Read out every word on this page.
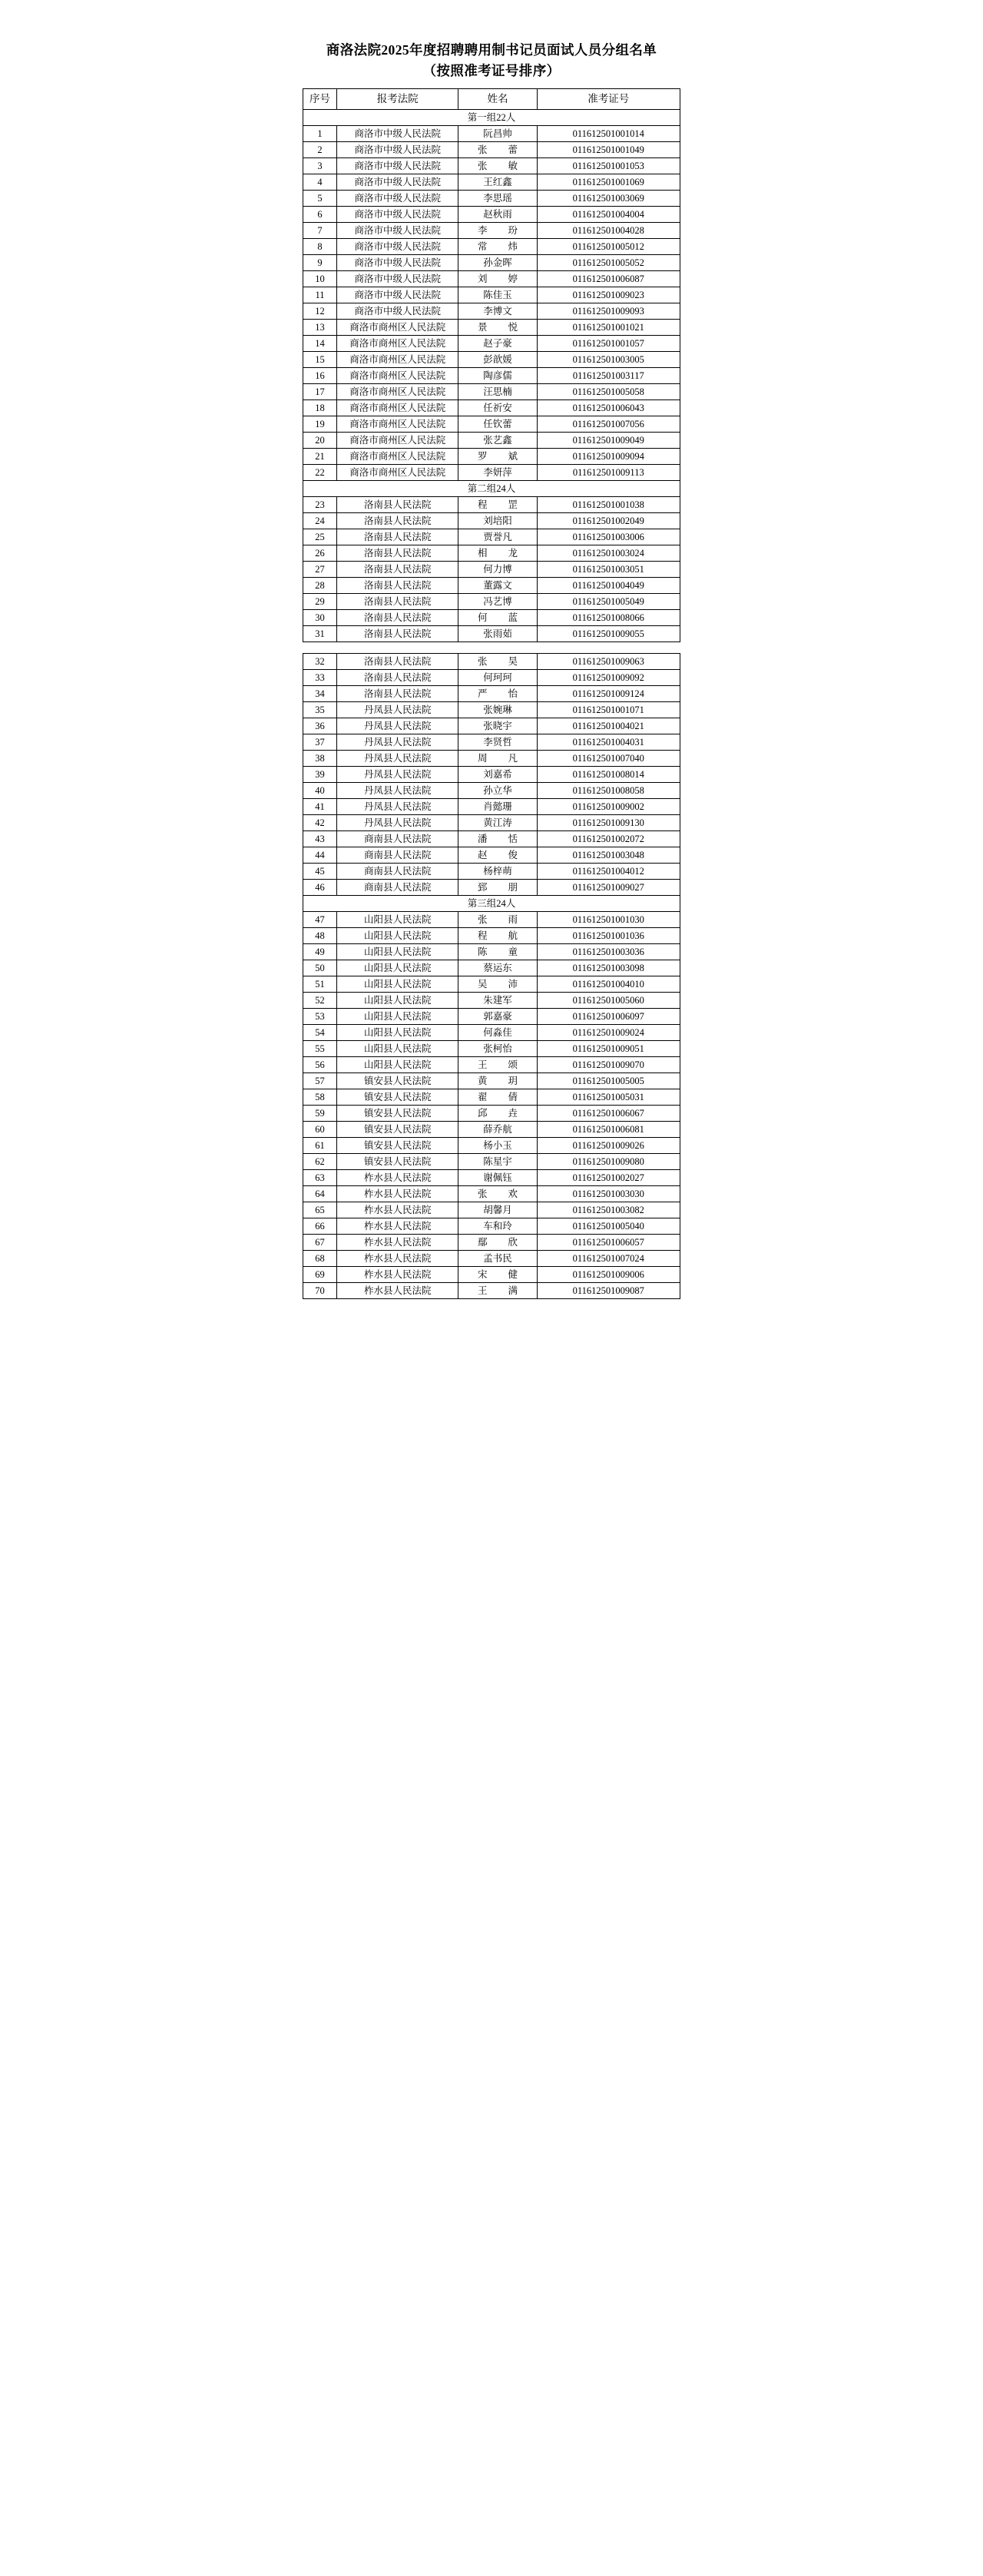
商洛法院2025年度招聘聘用制书记员面试人员分组名单
（按照准考证号排序）
序号	报考法院	姓名	准考证号
第一组22人			
1	商洛市中级人民法院	阮昌帅	011612501001014
2	商洛市中级人民法院	张蕾	011612501001049
3	商洛市中级人民法院	张敏	011612501001053
4	商洛市中级人民法院	王红鑫	011612501001069
5	商洛市中级人民法院	李思瑶	011612501003069
6	商洛市中级人民法院	赵秋雨	011612501004004
7	商洛市中级人民法院	李玢	011612501004028
8	商洛市中级人民法院	常炜	011612501005012
9	商洛市中级人民法院	孙金晖	011612501005052
10	商洛市中级人民法院	刘婷	011612501006087
11	商洛市中级人民法院	陈佳玉	011612501009023
12	商洛市中级人民法院	李博文	011612501009093
13	商洛市商州区人民法院	景悦	011612501001021
14	商洛市商州区人民法院	赵子豪	011612501001057
15	商洛市商州区人民法院	彭歆媛	011612501003005
16	商洛市商州区人民法院	陶彦儒	011612501003117
17	商洛市商州区人民法院	汪思楠	011612501005058
18	商洛市商州区人民法院	任祈安	011612501006043
19	商洛市商州区人民法院	任钦蕾	011612501007056
20	商洛市商州区人民法院	张艺鑫	011612501009049
21	商洛市商州区人民法院	罗斌	011612501009094
22	商洛市商州区人民法院	李妍萍	011612501009113
第二组24人			
23	洛南县人民法院	程罡	011612501001038
24	洛南县人民法院	刘培阳	011612501002049
25	洛南县人民法院	贾誉凡	011612501003006
26	洛南县人民法院	相龙	011612501003024
27	洛南县人民法院	何力博	011612501003051
28	洛南县人民法院	董露文	011612501004049
29	洛南县人民法院	冯艺博	011612501005049
30	洛南县人民法院	何蓝	011612501008066
31	洛南县人民法院	张雨茹	011612501009055
32	洛南县人民法院	张昊	011612501009063
33	洛南县人民法院	何珂珂	011612501009092
34	洛南县人民法院	严怡	011612501009124
35	丹凤县人民法院	张婉琳	011612501001071
36	丹凤县人民法院	张晓宇	011612501004021
37	丹凤县人民法院	李贤哲	011612501004031
38	丹凤县人民法院	周凡	011612501007040
39	丹凤县人民法院	刘嘉希	011612501008014
40	丹凤县人民法院	孙立华	011612501008058
41	丹凤县人民法院	肖懿珊	011612501009002
42	丹凤县人民法院	黄江涛	011612501009130
43	商南县人民法院	潘恬	011612501002072
44	商南县人民法院	赵俊	011612501003048
45	商南县人民法院	杨梓萌	011612501004012
46	商南县人民法院	郅朋	011612501009027
第三组24人			
47	山阳县人民法院	张雨	011612501001030
48	山阳县人民法院	程航	011612501001036
49	山阳县人民法院	陈童	011612501003036
50	山阳县人民法院	蔡运东	011612501003098
51	山阳县人民法院	吴沛	011612501004010
52	山阳县人民法院	朱建军	011612501005060
53	山阳县人民法院	郭嘉豪	011612501006097
54	山阳县人民法院	何淼佳	011612501009024
55	山阳县人民法院	张柯怡	011612501009051
56	山阳县人民法院	王颂	011612501009070
57	镇安县人民法院	黄玥	011612501005005
58	镇安县人民法院	翟倩	011612501005031
59	镇安县人民法院	邱垚	011612501006067
60	镇安县人民法院	薛乔航	011612501006081
61	镇安县人民法院	杨小玉	011612501009026
62	镇安县人民法院	陈星宇	011612501009080
63	柞水县人民法院	谢佩钰	011612501002027
64	柞水县人民法院	张欢	011612501003030
65	柞水县人民法院	胡馨月	011612501003082
66	柞水县人民法院	车和玲	011612501005040
67	柞水县人民法院	鄢欣	011612501006057
68	柞水县人民法院	孟书民	011612501007024
69	柞水县人民法院	宋健	011612501009006
70	柞水县人民法院	王满	011612501009087
